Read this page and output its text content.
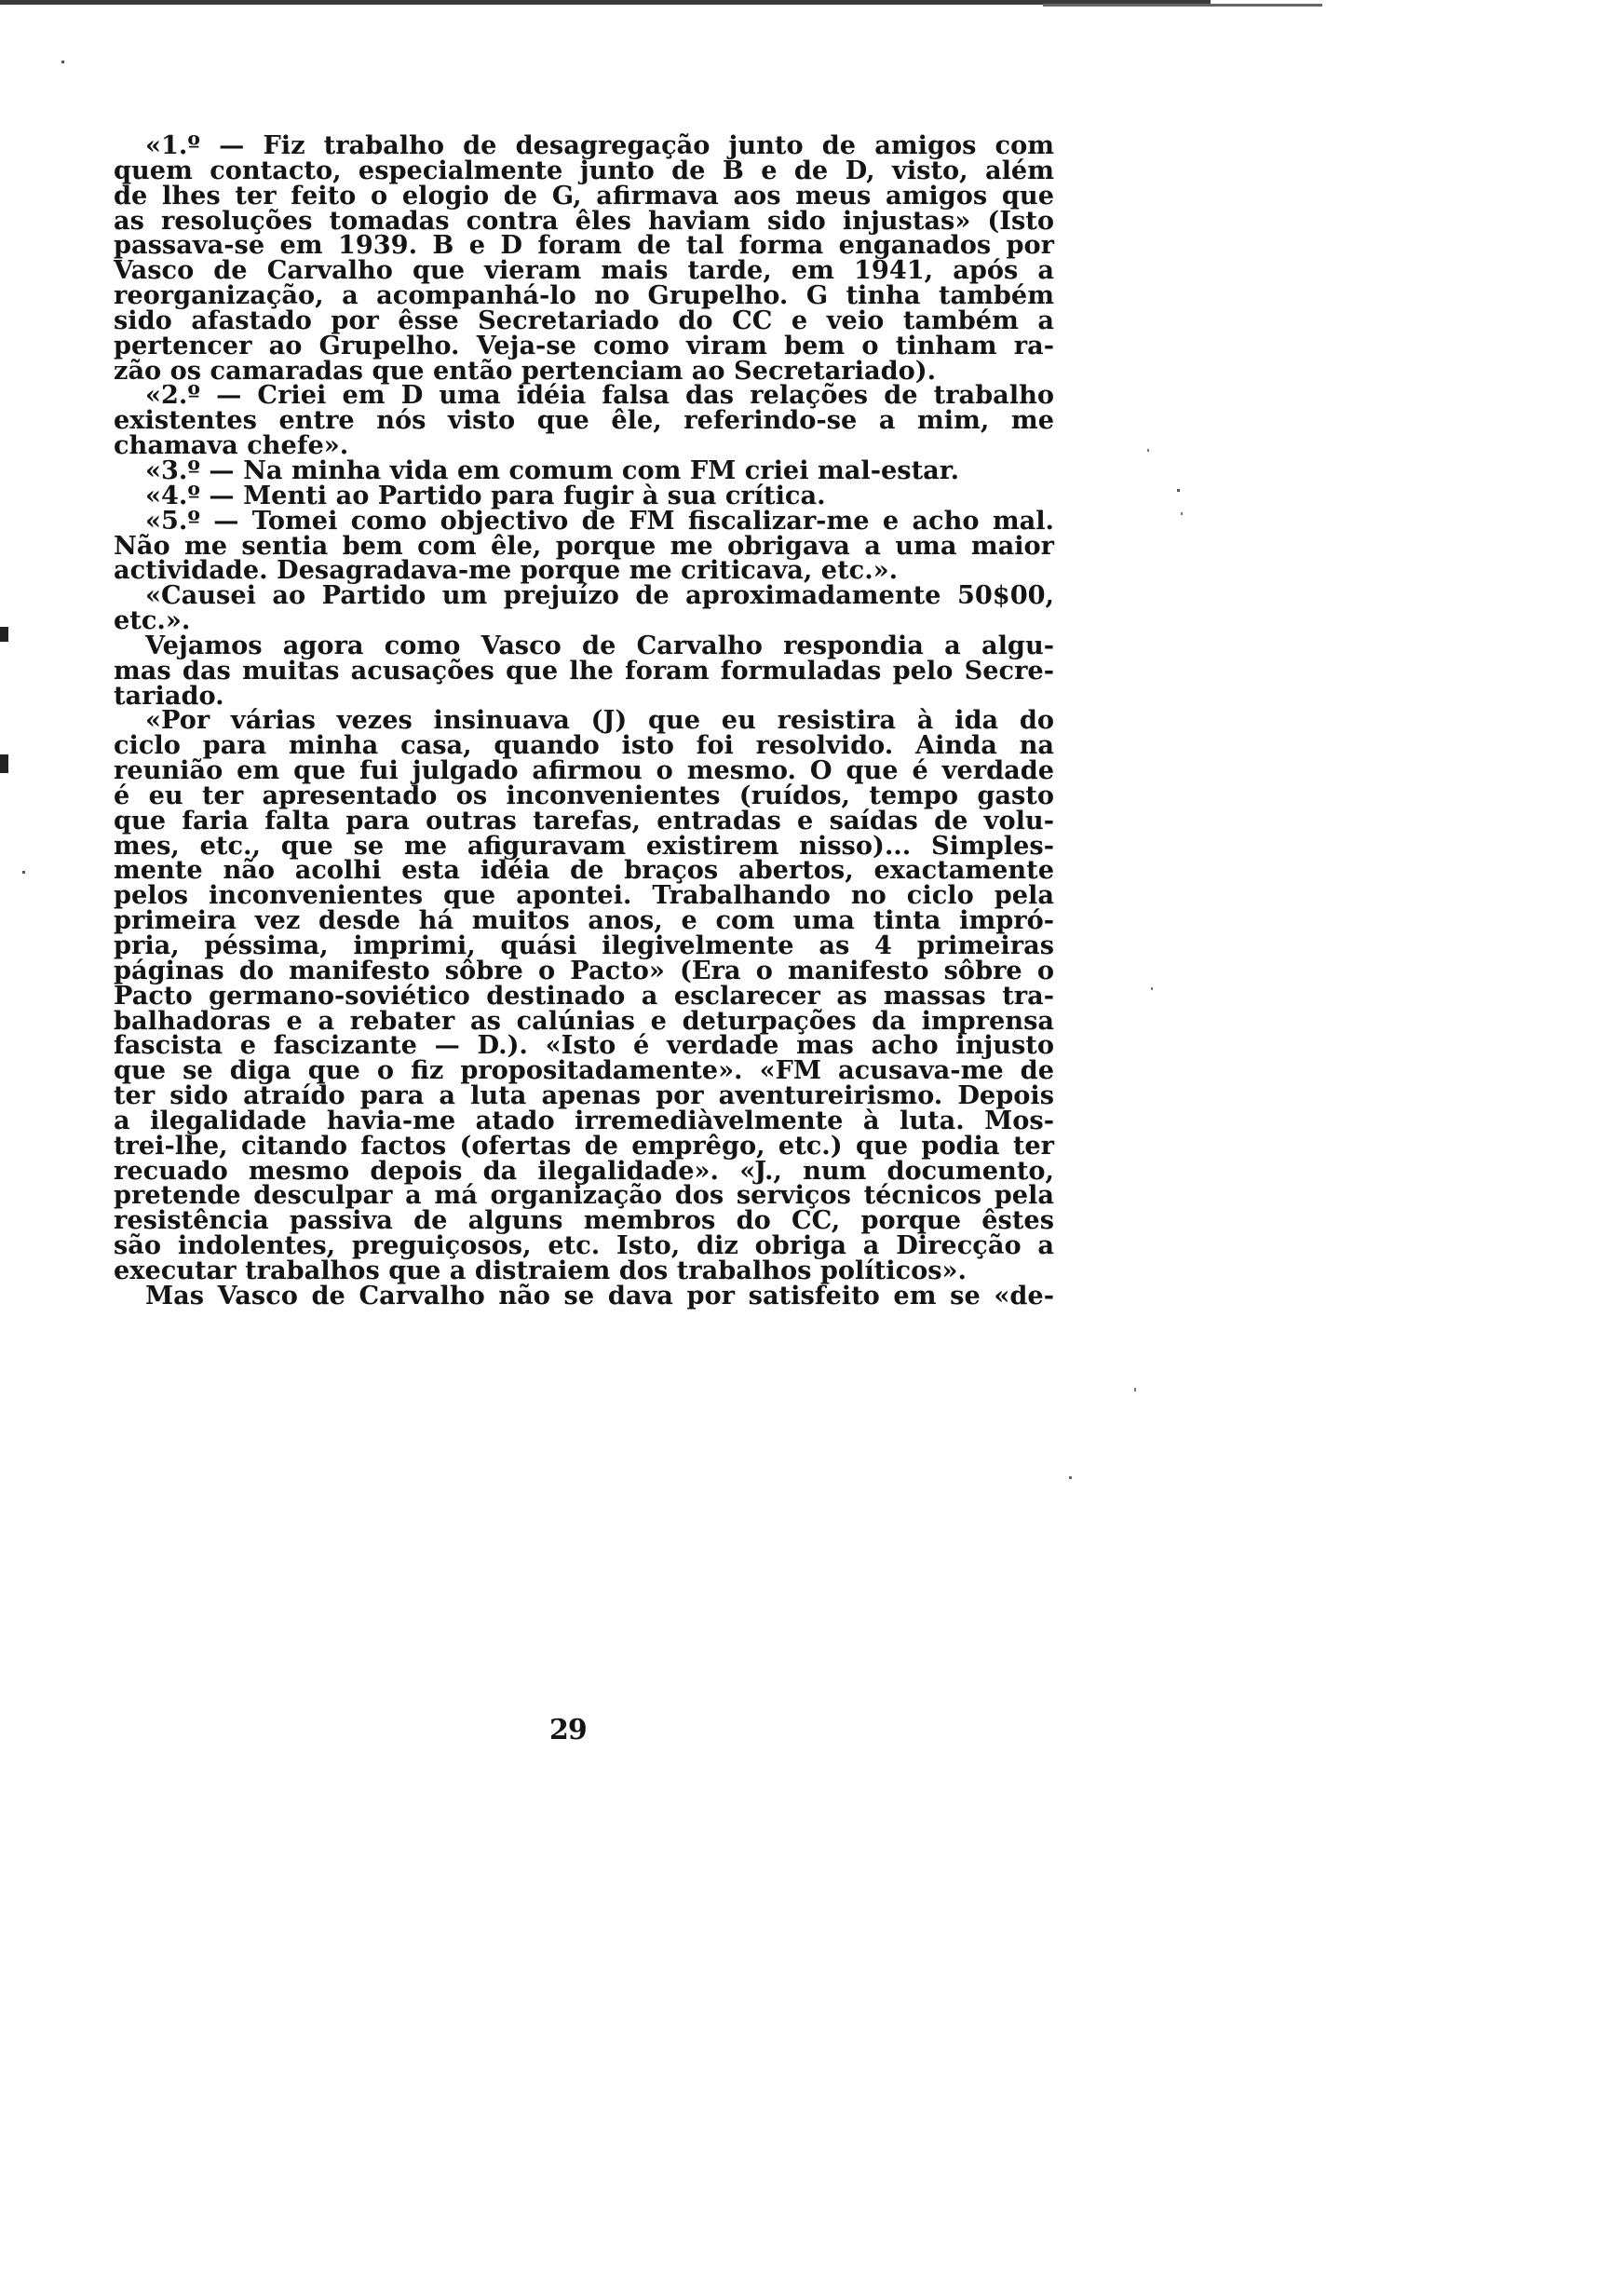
«1.º — Fiz trabalho de desagregação junto de amigos com
quem contacto, especialmente junto de B e de D, visto, além
de lhes ter feito o elogio de G, afirmava aos meus amigos que
as resoluções tomadas contra êles haviam sido injustas» (Isto
passava-se em 1939. B e D foram de tal forma enganados por
Vasco de Carvalho que vieram mais tarde, em 1941, após a
reorganização, a acompanhá-lo no Grupelho. G tinha também
sido afastado por êsse Secretariado do CC e veio também a
pertencer ao Grupelho. Veja-se como viram bem o tinham ra-
zão os camaradas que então pertenciam ao Secretariado).
«2.º — Criei em D uma idéia falsa das relações de trabalho
existentes entre nós visto que êle, referindo-se a mim, me
chamava chefe».
«3.º — Na minha vida em comum com FM criei mal-estar.
«4.º — Menti ao Partido para fugir à sua crítica.
«5.º — Tomei como objectivo de FM fiscalizar-me e acho mal.
Não me sentia bem com êle, porque me obrigava a uma maior
actividade. Desagradava-me porque me criticava, etc.».
«Causei ao Partido um prejuízo de aproximadamente 50$00,
etc.».
Vejamos agora como Vasco de Carvalho respondia a algu-
mas das muitas acusações que lhe foram formuladas pelo Secre-
tariado.
«Por várias vezes insinuava (J) que eu resistira à ida do
ciclo para minha casa, quando isto foi resolvido. Ainda na
reunião em que fui julgado afirmou o mesmo. O que é verdade
é eu ter apresentado os inconvenientes (ruídos, tempo gasto
que faria falta para outras tarefas, entradas e saídas de volu-
mes, etc., que se me afiguravam existirem nisso)... Simples-
mente não acolhi esta idéia de braços abertos, exactamente
pelos inconvenientes que apontei. Trabalhando no ciclo pela
primeira vez desde há muitos anos, e com uma tinta impró-
pria, péssima, imprimi, quási ilegivelmente as 4 primeiras
páginas do manifesto sôbre o Pacto» (Era o manifesto sôbre o
Pacto germano-soviético destinado a esclarecer as massas tra-
balhadoras e a rebater as calúnias e deturpações da imprensa
fascista e fascizante — D.). «Isto é verdade mas acho injusto
que se diga que o fiz propositadamente». «FM acusava-me de
ter sido atraído para a luta apenas por aventureirismo. Depois
a ilegalidade havia-me atado irremediàvelmente à luta. Mos-
trei-lhe, citando factos (ofertas de emprêgo, etc.) que podia ter
recuado mesmo depois da ilegalidade». «J., num documento,
pretende desculpar a má organização dos serviços técnicos pela
resistência passiva de alguns membros do CC, porque êstes
são indolentes, preguiçosos, etc. Isto, diz obriga a Direcção a
executar trabalhos que a distraiem dos trabalhos políticos».
Mas Vasco de Carvalho não se dava por satisfeito em se «de-
29
